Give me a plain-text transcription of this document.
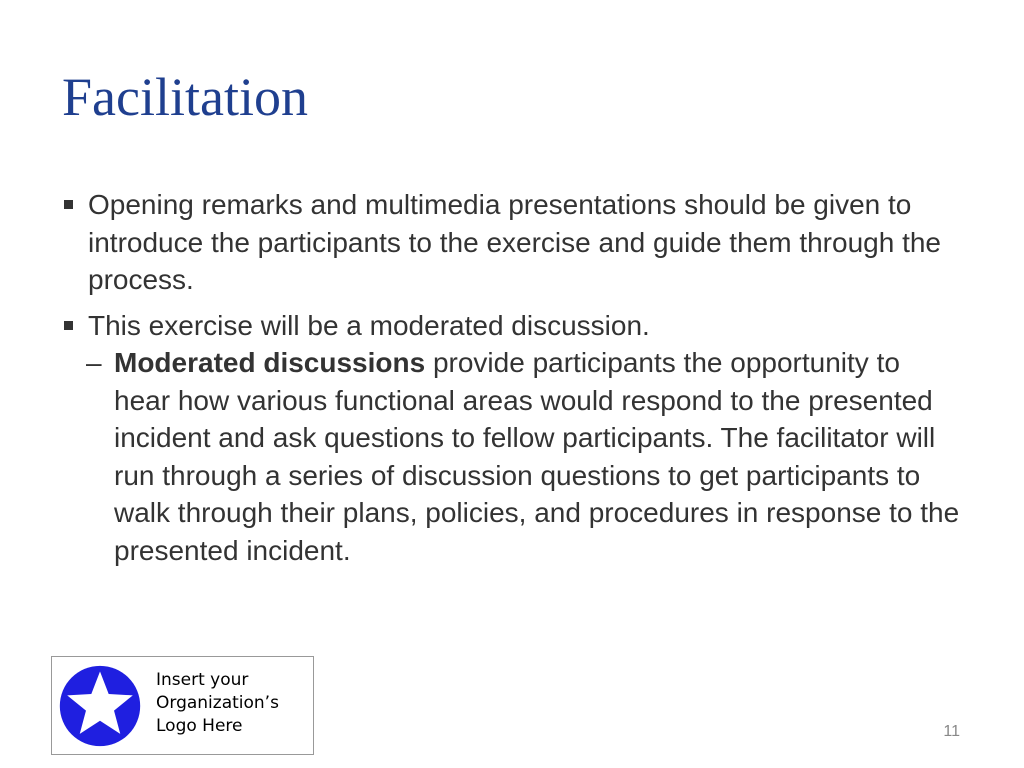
Facilitation
Opening remarks and multimedia presentations should be given to introduce the participants to the exercise and guide them through the process.
This exercise will be a moderated discussion.
– Moderated discussions provide participants the opportunity to hear how various functional areas would respond to the presented incident and ask questions to fellow participants. The facilitator will run through a series of discussion questions to get participants to walk through their plans, policies, and procedures in response to the presented incident.
Insert your
Organization’s
Logo Here	11
